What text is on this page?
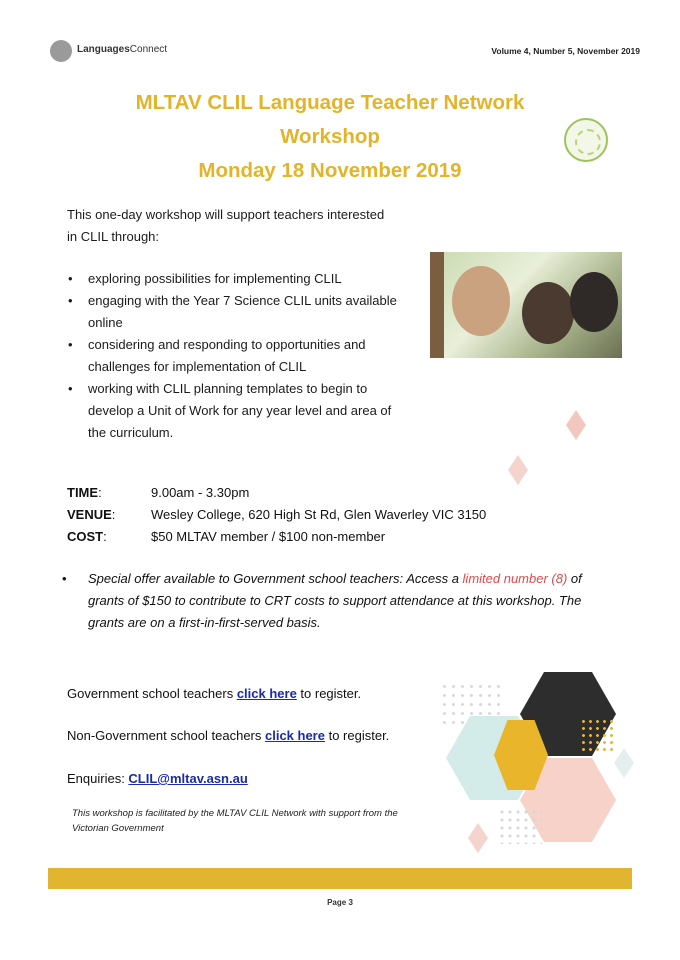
LanguagesConnect	Volume 4, Number 5, November 2019
MLTAV CLIL Language Teacher Network
Workshop
Monday 18 November 2019
This one-day workshop will support teachers interested in CLIL through:
• exploring possibilities for implementing CLIL
• engaging with the Year 7 Science CLIL units available online
• considering and responding to opportunities and challenges for implementation of CLIL
• working with CLIL planning templates to begin to develop a Unit of Work for any year level and area of the curriculum.
TIME:	9.00am - 3.30pm
VENUE:	Wesley College, 620 High St Rd, Glen Waverley VIC 3150
COST:	$50 MLTAV member / $100 non-member
• Special offer available to Government school teachers: Access a limited number (8) of grants of $150 to contribute to CRT costs to support attendance at this workshop. The grants are on a first-in-first-served basis.
Government school teachers click here to register.
Non-Government school teachers click here to register.
Enquiries: CLIL@mltav.asn.au
This workshop is facilitated by the MLTAV CLIL Network with support from the Victorian Government
Page 3
